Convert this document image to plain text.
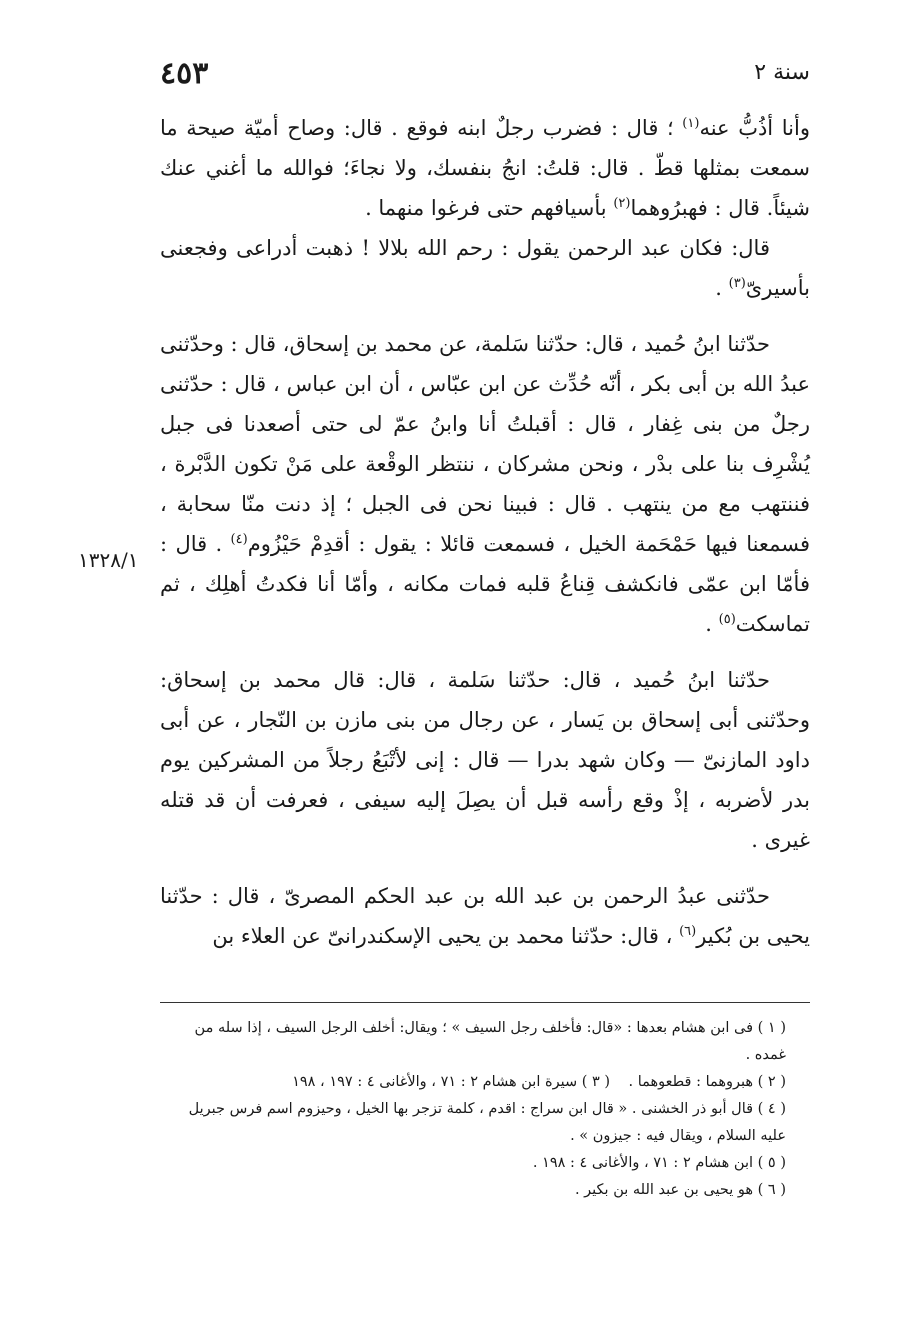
سنة ٢
٤٥٣
١٣٢٨/١

وأنا أذُبُّ عنه$^{(١)}$ ؛ قال : فضرب رجلٌ ابنه فوقع . قال: وصاح أميّة صيحة ما سمعت بمثلها قطّ . قال: قلتُ: انجُ بنفسك، ولا نجاءَ؛ فوالله ما أغني عنك شيئاً. قال : فهبرُوهما$^{(٢)}$ بأسيافهم حتى فرغوا منهما .

قال: فكان عبد الرحمن يقول : رحم الله بلالا ! ذهبت أدراعى وفجعنى بأسيرىّ$^{(٣)}$ .

حدّثنا ابنُ حُميد ، قال: حدّثنا سَلمة، عن محمد بن إسحاق، قال : وحدّثنى عبدُ الله بن أبى بكر ، أنّه حُدِّث عن ابن عبّاس ، أن ابن عباس ، قال : حدّثنى رجلٌ من بنى غِفار ، قال : أقبلتُ أنا وابنُ عمّ لى حتى أصعدنا فى جبل يُشْرِف بنا على بدْر ، ونحن مشركان ، ننتظر الوقْعة على مَنْ تكون الدَّبْرة ، فننتهب مع من ينتهب . قال : فبينا نحن فى الجبل ؛ إذ دنت منّا سحابة ، فسمعنا فيها حَمْحَمة الخيل ، فسمعت قائلا : يقول : أقدِمْ حَيْزُوم$^{(٤)}$ . قال : فأمّا ابن عمّى فانكشف قِناعُ قلبه فمات مكانه ، وأمّا أنا فكدتُ أهلِك ، ثم تماسكت$^{(٥)}$ .

حدّثنا ابنُ حُميد ، قال: حدّثنا سَلمة ، قال: قال محمد بن إسحاق: وحدّثنى أبى إسحاق بن يَسار ، عن رجال من بنى مازن بن النّجار ، عن أبى داود المازنىّ — وكان شهد بدرا — قال : إنى لأتْبَعُ رجلاً من المشركين يوم بدر لأضربه ، إذْ وقع رأسه قبل أن يصِلَ إليه سيفى ، فعرفت أن قد قتله غيرى .

حدّثنى عبدُ الرحمن بن عبد الله بن عبد الحكم المصرىّ ، قال : حدّثنا يحيى بن بُكير$^{(٦)}$ ، قال: حدّثنا محمد بن يحيى الإسكندرانىّ عن العلاء بن

( ١ ) فى ابن هشام بعدها : «قال: فأخلف رجل السيف » ؛ ويقال: أخلف الرجل السيف ، إذا سله من غمده .

( ٢ ) هبروهما : قطعوهما .    ( ٣ ) سيرة ابن هشام ٢ : ٧١ ، والأغانى ٤ : ١٩٧ ، ١٩٨

( ٤ ) قال أبو ذر الخشنى . « قال ابن سراج : اقدم ، كلمة تزجر بها الخيل ، وحيزوم اسم فرس جبريل عليه السلام ، ويقال فيه : جيزون » .

( ٥ ) ابن هشام ٢ : ٧١ ، والأغانى ٤ : ١٩٨ .

( ٦ ) هو يحيى بن عبد الله بن بكير .
